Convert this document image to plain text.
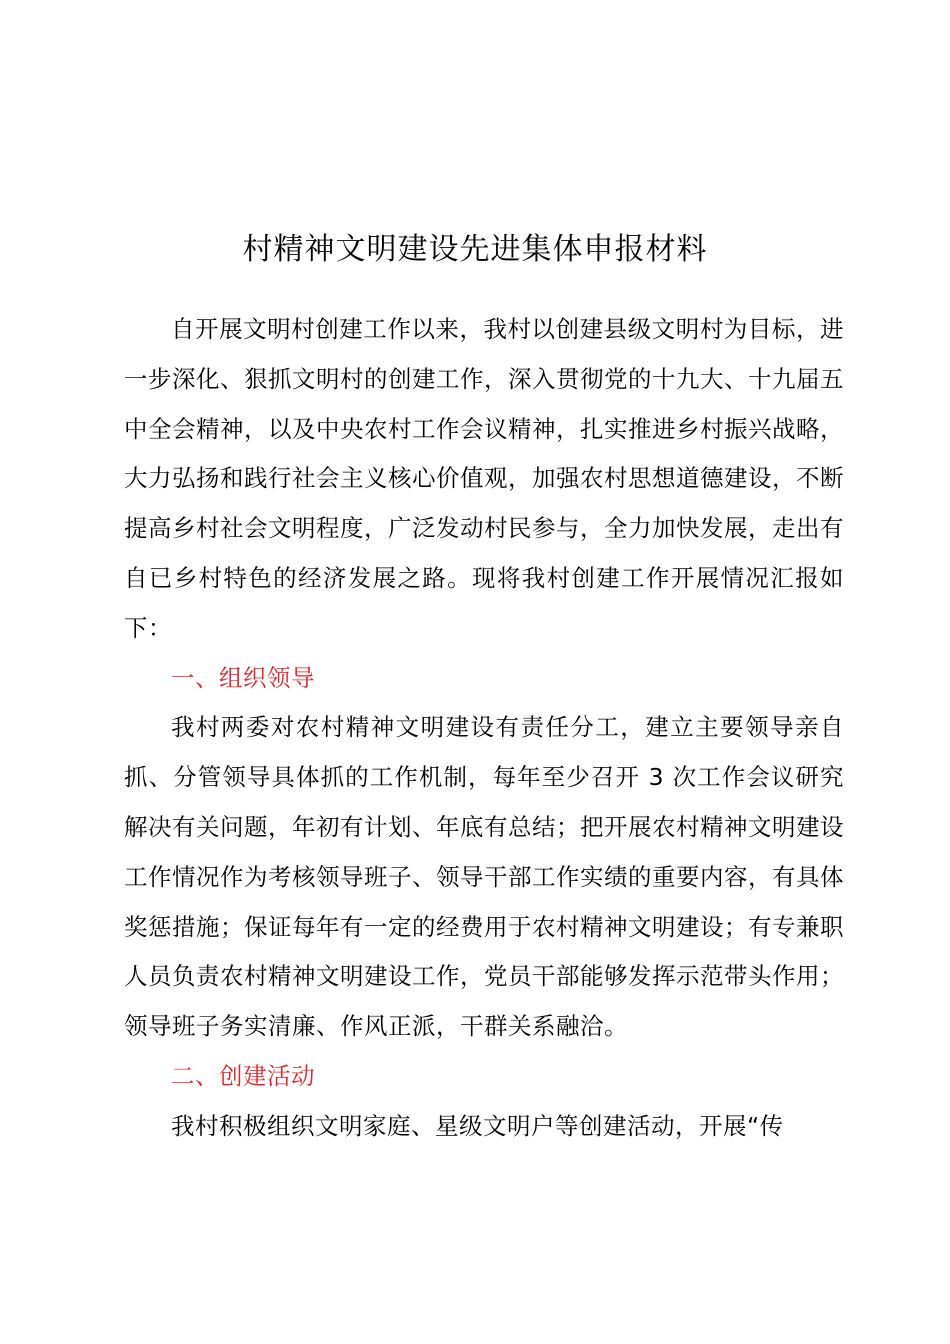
村精神文明建设先进集体申报材料

自开展文明村创建工作以来，我村以创建县级文明村为目标，进一步深化、狠抓文明村的创建工作，深入贯彻党的十九大、十九届五中全会精神，以及中央农村工作会议精神，扎实推进乡村振兴战略，大力弘扬和践行社会主义核心价值观，加强农村思想道德建设，不断提高乡村社会文明程度，广泛发动村民参与，全力加快发展，走出有自已乡村特色的经济发展之路。现将我村创建工作开展情况汇报如下：

一、组织领导

我村两委对农村精神文明建设有责任分工，建立主要领导亲自抓、分管领导具体抓的工作机制，每年至少召开 3 次工作会议研究解决有关问题，年初有计划、年底有总结；把开展农村精神文明建设工作情况作为考核领导班子、领导干部工作实绩的重要内容，有具体奖惩措施；保证每年有一定的经费用于农村精神文明建设；有专兼职人员负责农村精神文明建设工作，党员干部能够发挥示范带头作用；领导班子务实清廉、作风正派，干群关系融洽。

二、创建活动

我村积极组织文明家庭、星级文明户等创建活动，开展“传
